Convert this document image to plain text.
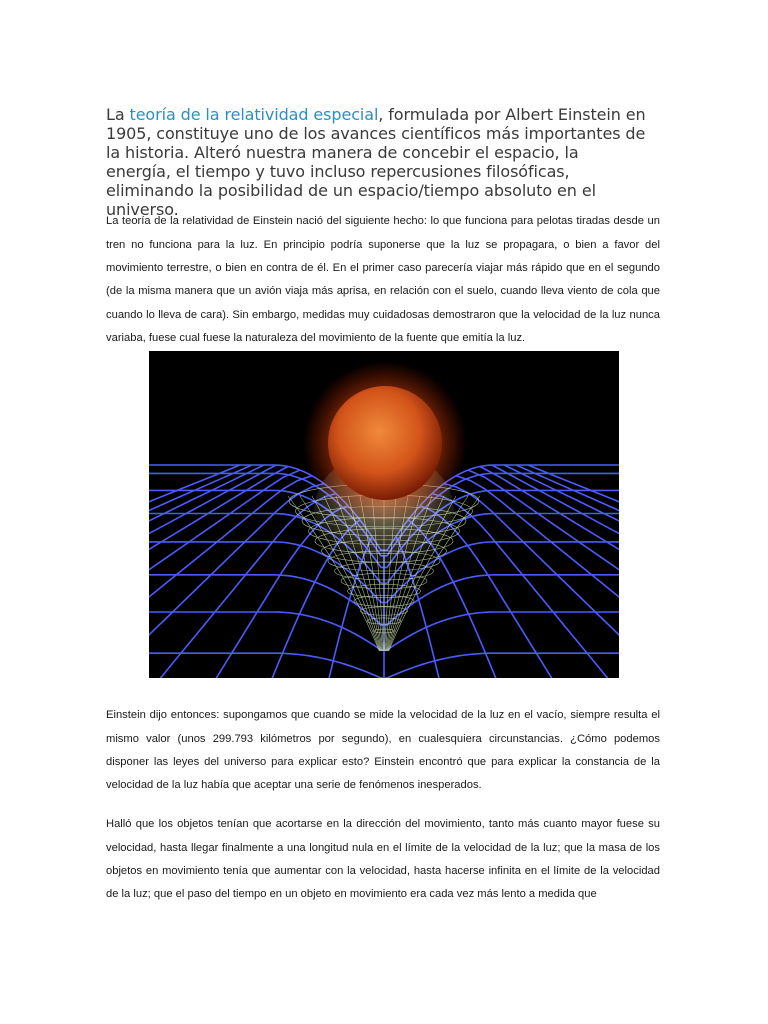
La teoría de la relatividad especial, formulada por Albert Einstein en 1905, constituye uno de los avances científicos más importantes de la historia. Alteró nuestra manera de concebir el espacio, la energía, el tiempo y tuvo incluso repercusiones filosóficas, eliminando la posibilidad de un espacio/tiempo absoluto en el universo.

La teoría de la relatividad de Einstein nació del siguiente hecho: lo que funciona para pelotas tiradas desde un tren no funciona para la luz. En principio podría suponerse que la luz se propagara, o bien a favor del movimiento terrestre, o bien en contra de él. En el primer caso parecería viajar más rápido que en el segundo (de la misma manera que un avión viaja más aprisa, en relación con el suelo, cuando lleva viento de cola que cuando lo lleva de cara). Sin embargo, medidas muy cuidadosas demostraron que la velocidad de la luz nunca variaba, fuese cual fuese la naturaleza del movimiento de la fuente que emitía la luz.

Einstein dijo entonces: supongamos que cuando se mide la velocidad de la luz en el vacío, siempre resulta el mismo valor (unos 299.793 kilómetros por segundo), en cualesquiera circunstancias. ¿Cómo podemos disponer las leyes del universo para explicar esto? Einstein encontró que para explicar la constancia de la velocidad de la luz había que aceptar una serie de fenómenos inesperados.

Halló que los objetos tenían que acortarse en la dirección del movimiento, tanto más cuanto mayor fuese su velocidad, hasta llegar finalmente a una longitud nula en el límite de la velocidad de la luz; que la masa de los objetos en movimiento tenía que aumentar con la velocidad, hasta hacerse infinita en el límite de la velocidad de la luz; que el paso del tiempo en un objeto en movimiento era cada vez más lento a medida que
